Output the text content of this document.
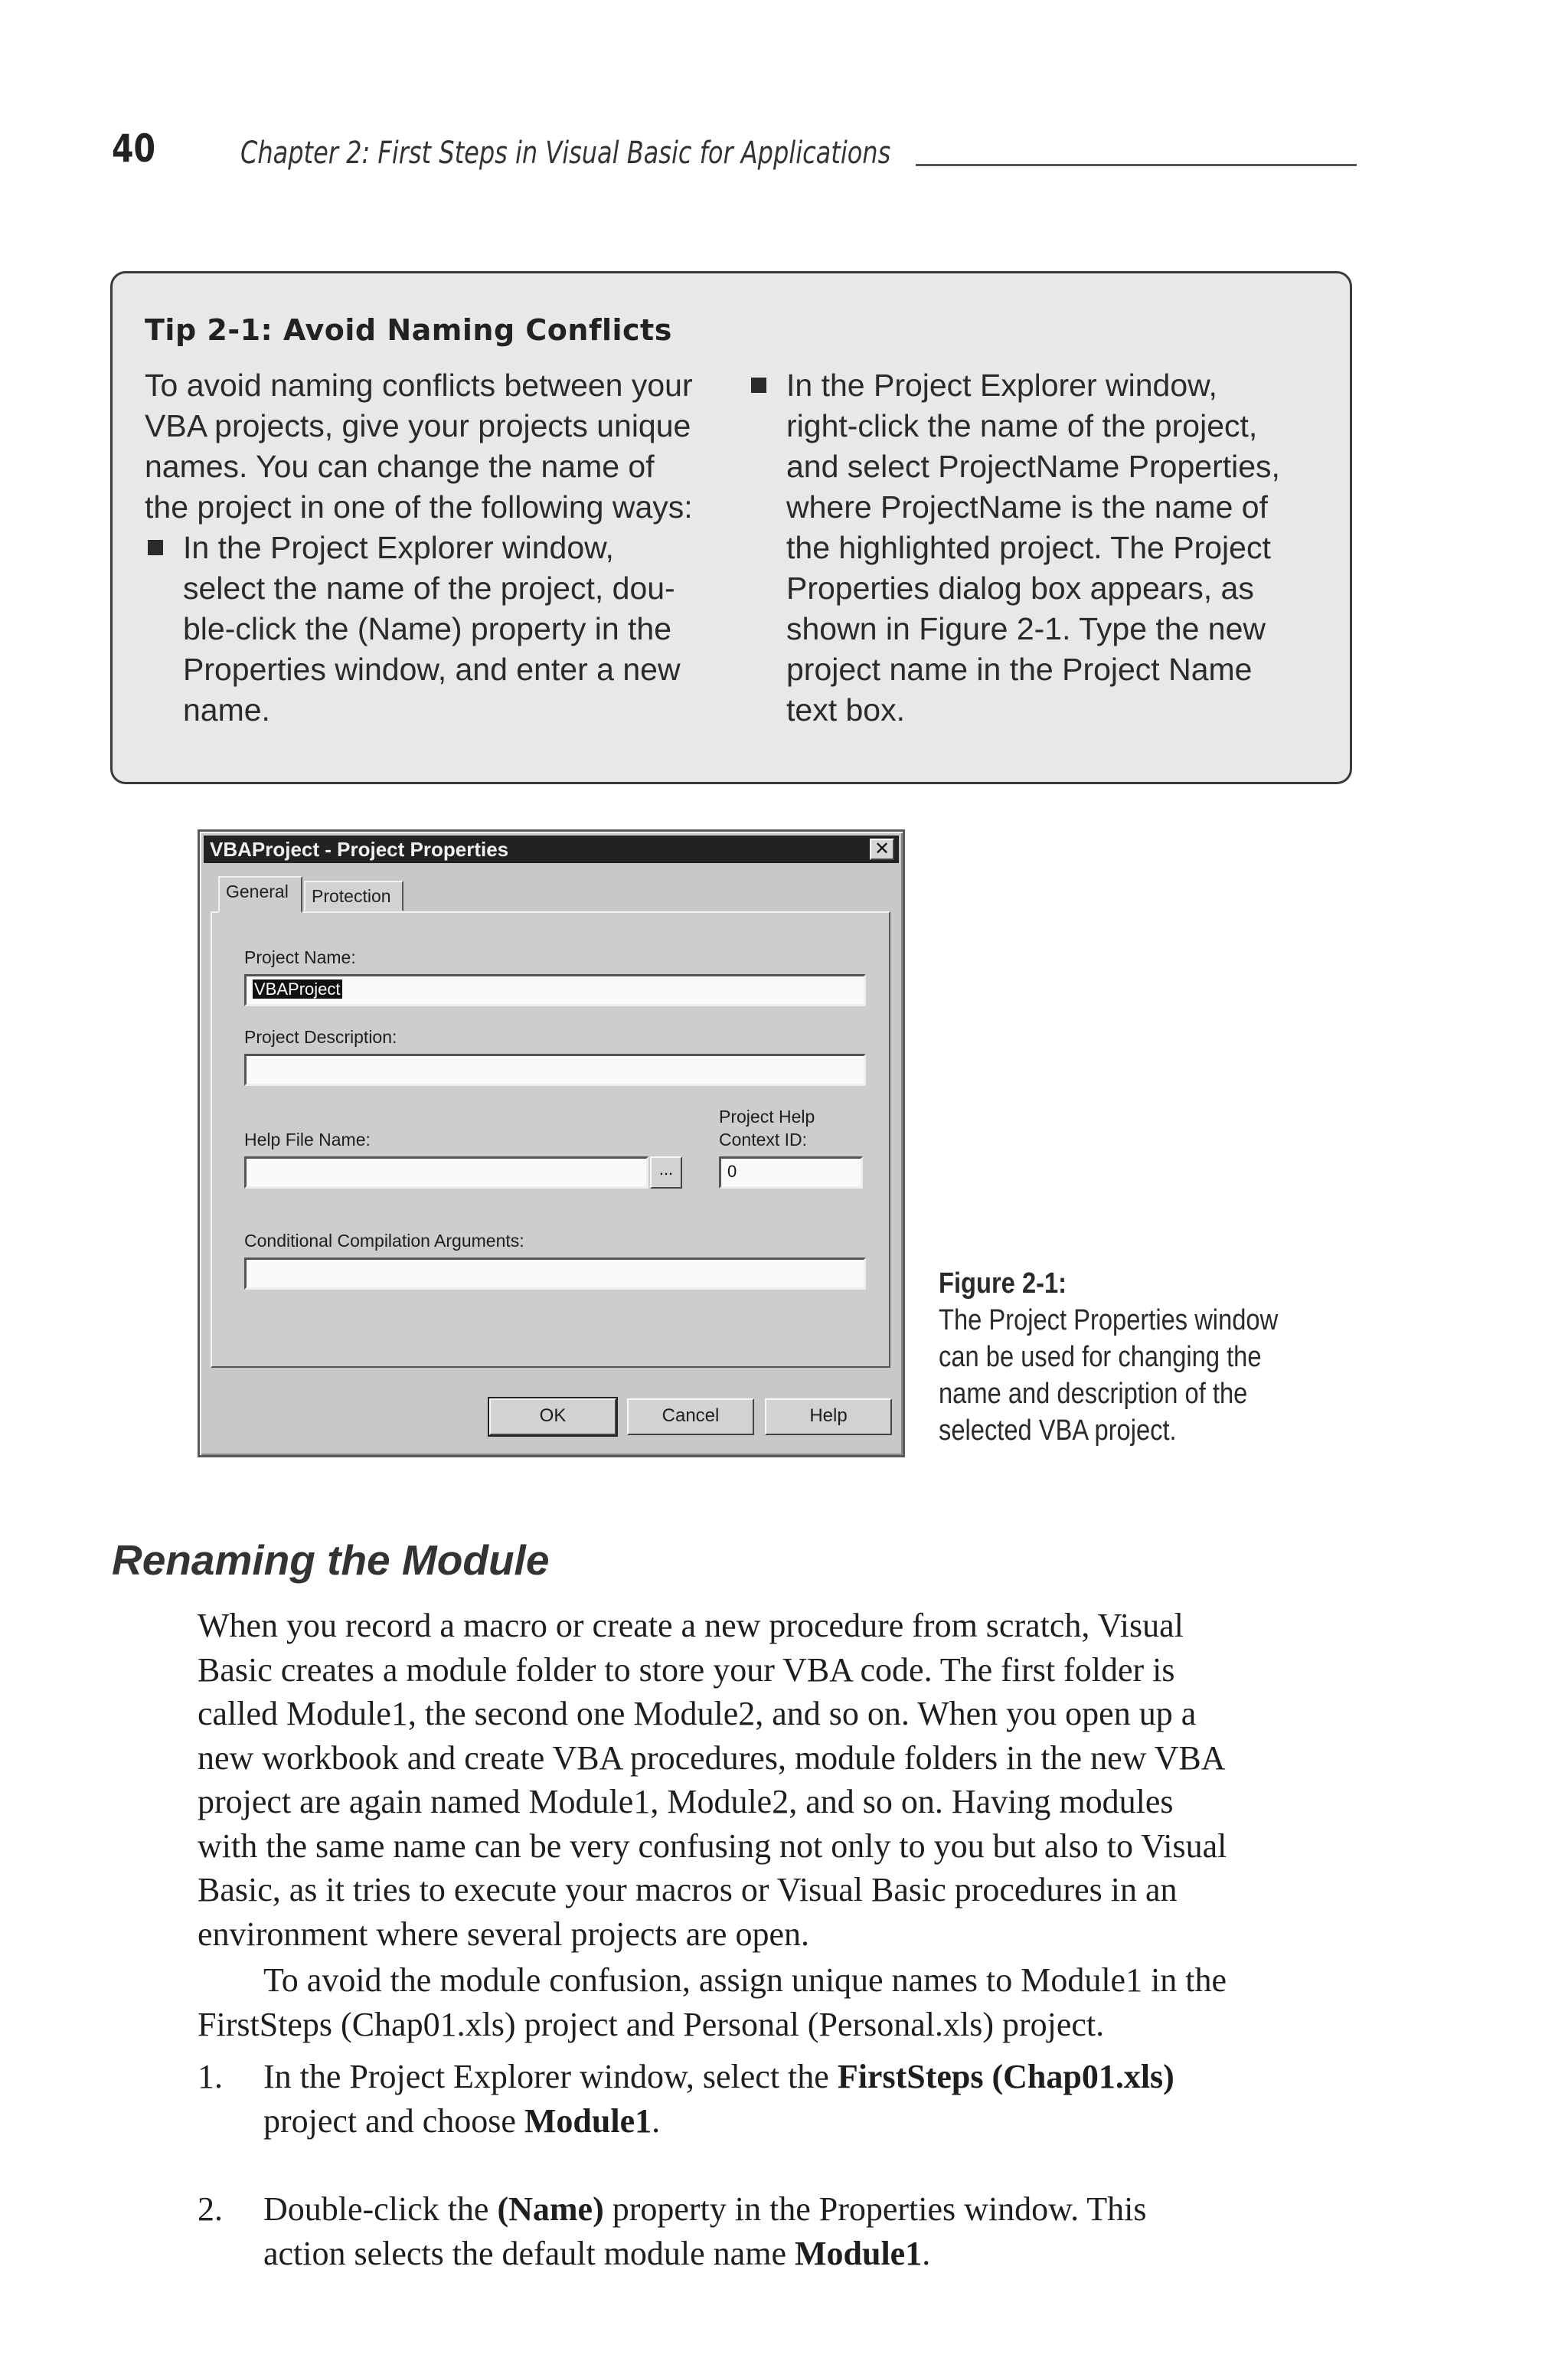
40	Chapter 2: First Steps in Visual Basic for Applications
Tip 2-1: Avoid Naming Conflicts
To avoid naming conflicts between your
VBA projects, give your projects unique
names. You can change the name of
the project in one of the following ways:
In the Project Explorer window,
select the name of the project, dou-
ble-click the (Name) property in the
Properties window, and enter a new
name.
In the Project Explorer window,
right-click the name of the project,
and select ProjectName Properties,
where ProjectName is the name of
the highlighted project. The Project
Properties dialog box appears, as
shown in Figure 2-1. Type the new
project name in the Project Name
text box.
VBAProject - Project Properties	✕
General	Protection
Project Name:
VBAProject
Project Description:
Help File Name:
...
Project Help
Context ID:
0
Conditional Compilation Arguments:
OK	Cancel	Help
Figure 2-1:
The Project Properties window
can be used for changing the
name and description of the
selected VBA project.
Renaming the Module
When you record a macro or create a new procedure from scratch, Visual
Basic creates a module folder to store your VBA code. The first folder is
called Module1, the second one Module2, and so on. When you open up a
new workbook and create VBA procedures, module folders in the new VBA
project are again named Module1, Module2, and so on. Having modules
with the same name can be very confusing not only to you but also to Visual
Basic, as it tries to execute your macros or Visual Basic procedures in an
environment where several projects are open.
To avoid the module confusion, assign unique names to Module1 in the
FirstSteps (Chap01.xls) project and Personal (Personal.xls) project.
1. In the Project Explorer window, select the FirstSteps (Chap01.xls)
project and choose Module1.
2. Double-click the (Name) property in the Properties window. This
action selects the default module name Module1.
